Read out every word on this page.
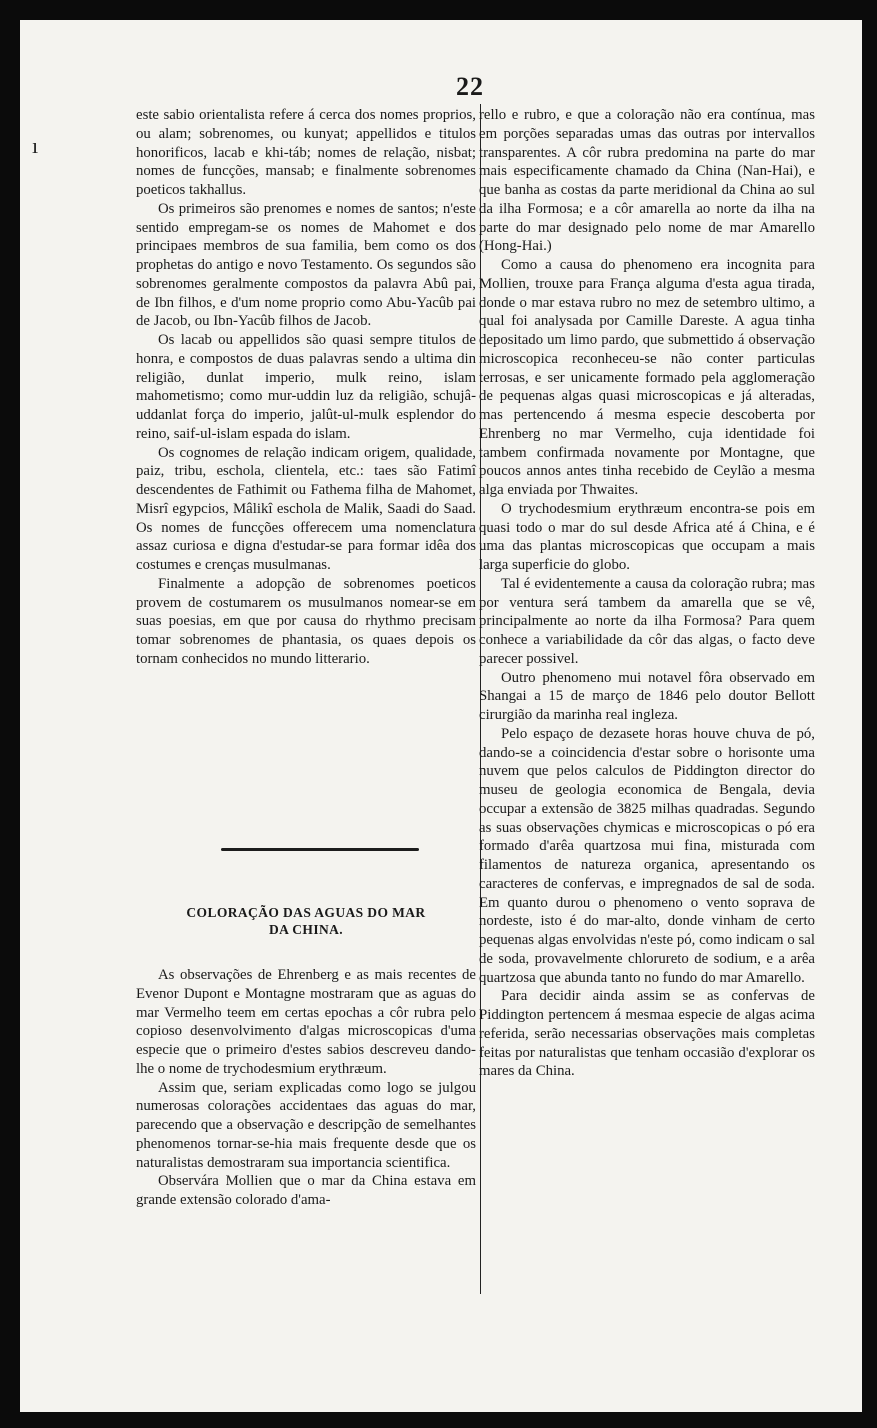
ı
22

este sabio orientalista refere á cerca dos nomes proprios, ou alam; sobrenomes, ou kunyat; appellidos e titulos honorificos, lacab e khi-táb; nomes de relação, nisbat; nomes de funcções, mansab; e finalmente sobrenomes poeticos takhallus.

Os primeiros são prenomes e nomes de santos; n'este sentido empregam-se os nomes de Mahomet e dos principaes membros de sua familia, bem como os dos prophetas do antigo e novo Testamento. Os segundos são sobrenomes geralmente compostos da palavra Abû pai, de Ibn filhos, e d'um nome proprio como Abu-Yacûb pai de Jacob, ou Ibn-Yacûb filhos de Jacob.

Os lacab ou appellidos são quasi sempre titulos de honra, e compostos de duas palavras sendo a ultima din religião, dunlat imperio, mulk reino, islam mahometismo; como mur-uddin luz da religião, schujâ-uddanlat força do imperio, jalût-ul-mulk esplendor do reino, saif-ul-islam espada do islam.

Os cognomes de relação indicam origem, qualidade, paiz, tribu, eschola, clientela, etc.: taes são Fatimî descendentes de Fathimit ou Fathema filha de Mahomet, Misrî egypcios, Mâlikî eschola de Malik, Saadi do Saad. Os nomes de funcções offerecem uma nomenclatura assaz curiosa e digna d'estudar-se para formar idêa dos costumes e crenças musulmanas.

Finalmente a adopção de sobrenomes poeticos provem de costumarem os musulmanos nomear-se em suas poesias, em que por causa do rhythmo precisam tomar sobrenomes de phantasia, os quaes depois os tornam conhecidos no mundo litterario.

COLORAÇÃO DAS AGUAS DO MAR
DA CHINA.

As observações de Ehrenberg e as mais recentes de Evenor Dupont e Montagne mostraram que as aguas do mar Vermelho teem em certas epochas a côr rubra pelo copioso desenvolvimento d'algas microscopicas d'uma especie que o primeiro d'estes sabios descreveu dando-lhe o nome de trychodesmium erythræum.

Assim que, seriam explicadas como logo se julgou numerosas colorações accidentaes das aguas do mar, parecendo que a observação e descripção de semelhantes phenomenos tornar-se-hia mais frequente desde que os naturalistas demostraram sua importancia scientifica.

Observára Mollien que o mar da China estava em grande extensão colorado d'ama-

rello e rubro, e que a coloração não era contínua, mas em porções separadas umas das outras por intervallos transparentes. A côr rubra predomina na parte do mar mais especificamente chamado da China (Nan-Hai), e que banha as costas da parte meridional da China ao sul da ilha Formosa; e a côr amarella ao norte da ilha na parte do mar designado pelo nome de mar Amarello (Hong-Hai.)

Como a causa do phenomeno era incognita para Mollien, trouxe para França alguma d'esta agua tirada, donde o mar estava rubro no mez de setembro ultimo, a qual foi analysada por Camille Dareste. A agua tinha depositado um limo pardo, que submettido á observação microscopica reconheceu-se não conter particulas terrosas, e ser unicamente formado pela agglomeração de pequenas algas quasi microscopicas e já alteradas, mas pertencendo á mesma especie descoberta por Ehrenberg no mar Vermelho, cuja identidade foi tambem confirmada novamente por Montagne, que poucos annos antes tinha recebido de Ceylão a mesma alga enviada por Thwaites.

O trychodesmium erythræum encontra-se pois em quasi todo o mar do sul desde Africa até á China, e é uma das plantas microscopicas que occupam a mais larga superficie do globo.

Tal é evidentemente a causa da coloração rubra; mas por ventura será tambem da amarella que se vê, principalmente ao norte da ilha Formosa? Para quem conhece a variabilidade da côr das algas, o facto deve parecer possivel.

Outro phenomeno mui notavel fôra observado em Shangai a 15 de março de 1846 pelo doutor Bellott cirurgião da marinha real ingleza.

Pelo espaço de dezasete horas houve chuva de pó, dando-se a coincidencia d'estar sobre o horisonte uma nuvem que pelos calculos de Piddington director do museu de geologia economica de Bengala, devia occupar a extensão de 3825 milhas quadradas. Segundo as suas observações chymicas e microscopicas o pó era formado d'arêa quartzosa mui fina, misturada com filamentos de natureza organica, apresentando os caracteres de confervas, e impregnados de sal de soda. Em quanto durou o phenomeno o vento soprava de nordeste, isto é do mar-alto, donde vinham de certo pequenas algas envolvidas n'este pó, como indicam o sal de soda, provavelmente chlorureto de sodium, e a arêa quartzosa que abunda tanto no fundo do mar Amarello.

Para decidir ainda assim se as confervas de Piddington pertencem á mesmaa especie de algas acima referida, serão necessarias observações mais completas feitas por naturalistas que tenham occasião d'explorar os mares da China.
